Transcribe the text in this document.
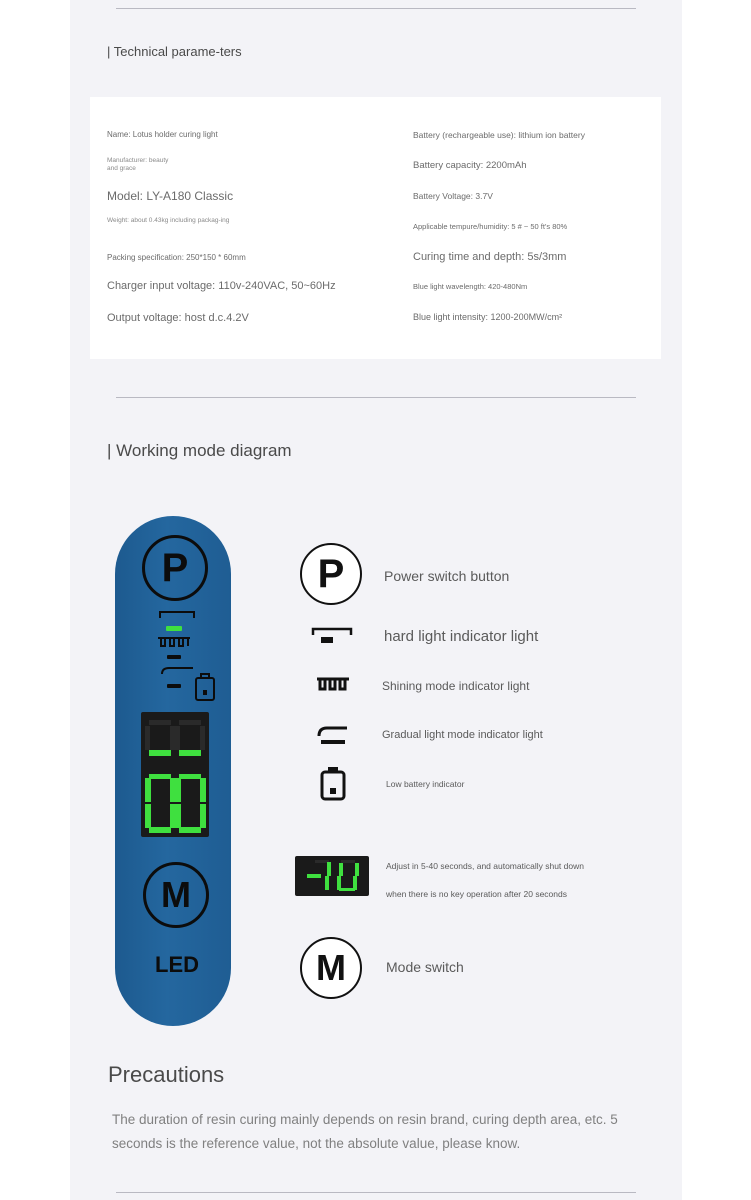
| Technical parame-ters
Name: Lotus holder curing light
Manufacturer: beauty and grace
Model: LY-A180 Classic
Weight: about 0.43kg including packag-ing
Packing specification: 250*150 * 60mm
Charger input voltage: 110v-240VAC, 50~60Hz
Output voltage: host d.c.4.2V
Battery (rechargeable use): lithium ion battery
Battery capacity: 2200mAh
Battery Voltage: 3.7V
Applicable tempure/humidity: 5 # ~ 50 ft's 80%
Curing time and depth: 5s/3mm
Blue light wavelength: 420-480Nm
Blue light intensity: 1200-200MW/cm²
| Working mode diagram
P
M
LED
P	Power switch button
hard light indicator light
Shining mode indicator light
Gradual light mode indicator light
Low battery indicator
Adjust in 5-40 seconds, and automatically shut down
when there is no key operation after 20 seconds
M	Mode switch
Precautions
The duration of resin curing mainly depends on resin brand, curing depth area, etc. 5 seconds is the reference value, not the absolute value, please know.
